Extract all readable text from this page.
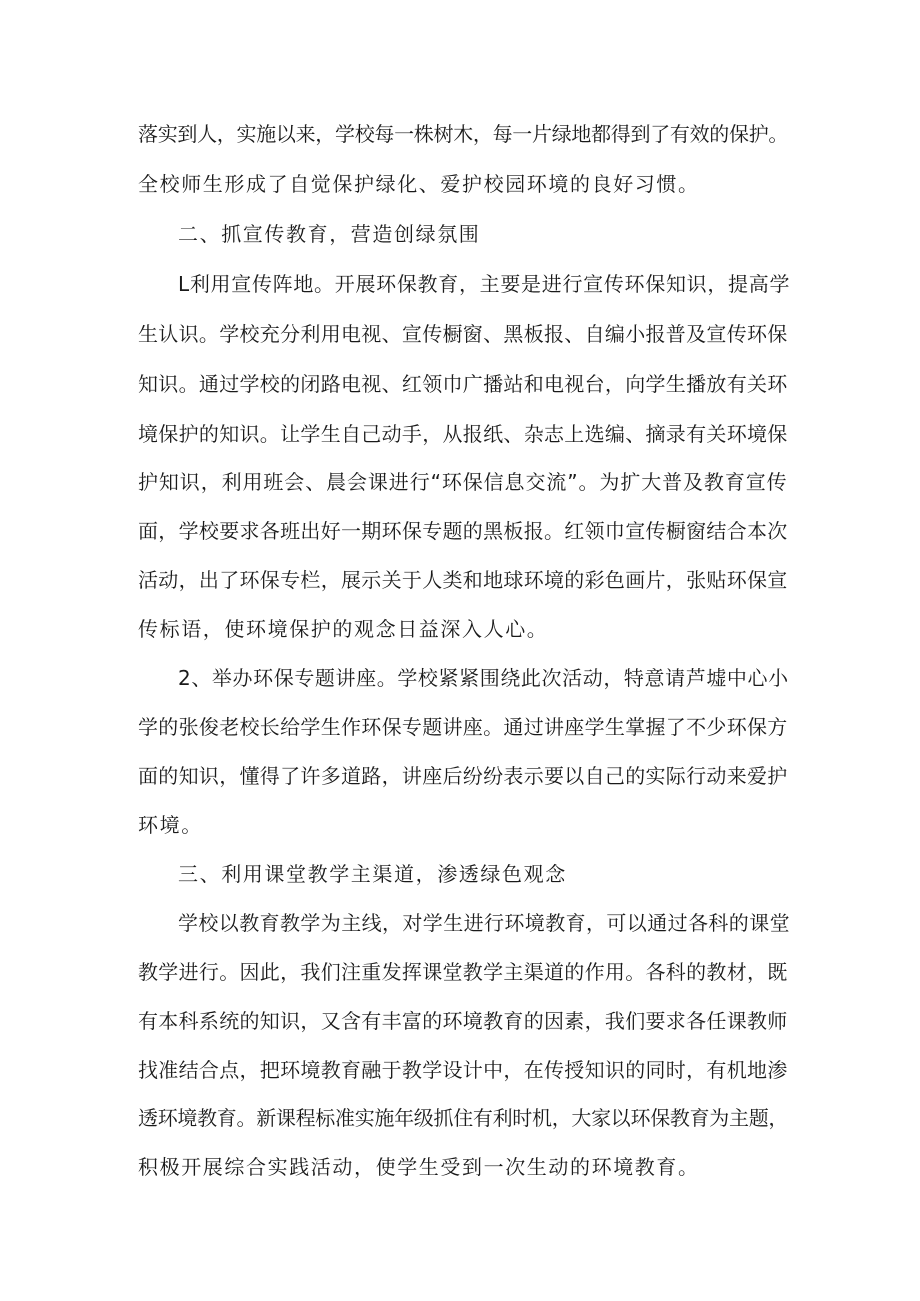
落实到人，实施以来，学校每一株树木，每一片绿地都得到了有效的保护。
全校师生形成了自觉保护绿化、爱护校园环境的良好习惯。
二、抓宣传教育，营造创绿氛围
L利用宣传阵地。开展环保教育，主要是进行宣传环保知识，提高学
生认识。学校充分利用电视、宣传橱窗、黑板报、自编小报普及宣传环保
知识。通过学校的闭路电视、红领巾广播站和电视台，向学生播放有关环
境保护的知识。让学生自己动手，从报纸、杂志上选编、摘录有关环境保
护知识，利用班会、晨会课进行“环保信息交流”。为扩大普及教育宣传
面，学校要求各班出好一期环保专题的黑板报。红领巾宣传橱窗结合本次
活动，出了环保专栏，展示关于人类和地球环境的彩色画片，张贴环保宣
传标语，使环境保护的观念日益深入人心。
2、举办环保专题讲座。学校紧紧围绕此次活动，特意请芦墟中心小
学的张俊老校长给学生作环保专题讲座。通过讲座学生掌握了不少环保方
面的知识，懂得了许多道路，讲座后纷纷表示要以自己的实际行动来爱护
环境。
三、利用课堂教学主渠道，渗透绿色观念
学校以教育教学为主线，对学生进行环境教育，可以通过各科的课堂
教学进行。因此，我们注重发挥课堂教学主渠道的作用。各科的教材，既
有本科系统的知识，又含有丰富的环境教育的因素，我们要求各任课教师
找准结合点，把环境教育融于教学设计中，在传授知识的同时，有机地渗
透环境教育。新课程标准实施年级抓住有利时机，大家以环保教育为主题，
积极开展综合实践活动，使学生受到一次生动的环境教育。
